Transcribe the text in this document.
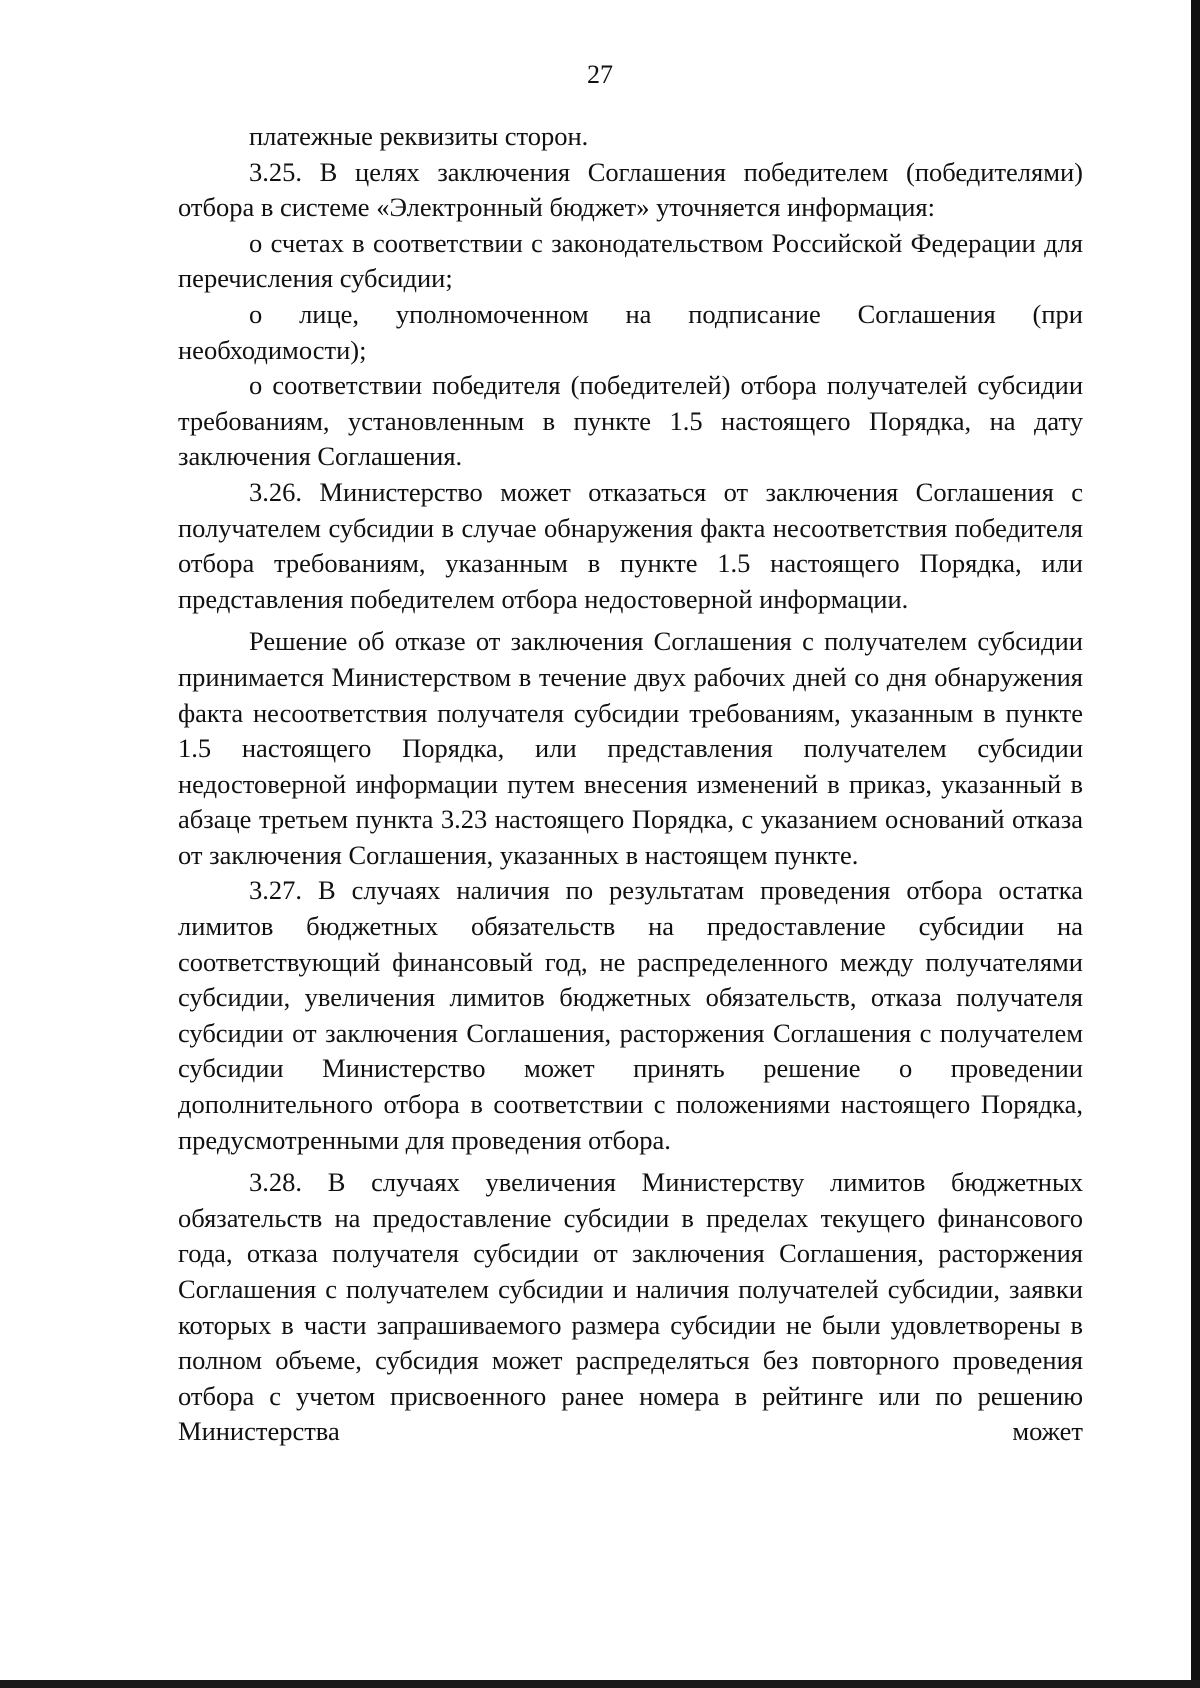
27

платежные реквизиты сторон.

3.25. В целях заключения Соглашения победителем (победителями) отбора в системе «Электронный бюджет» уточняется информация:

о счетах в соответствии с законодательством Российской Федерации для перечисления субсидии;

о лице, уполномоченном на подписание Соглашения (при необходимости);

о соответствии победителя (победителей) отбора получателей субсидии требованиям, установленным в пункте 1.5 настоящего Порядка, на дату заключения Соглашения.

3.26. Министерство может отказаться от заключения Соглашения с получателем субсидии в случае обнаружения факта несоответствия победителя отбора требованиям, указанным в пункте 1.5 настоящего Порядка, или представления победителем отбора недостоверной информации.

Решение об отказе от заключения Соглашения с получателем субсидии принимается Министерством в течение двух рабочих дней со дня обнаружения факта несоответствия получателя субсидии требованиям, указанным в пункте 1.5 настоящего Порядка, или представления получателем субсидии недостоверной информации путем внесения изменений в приказ, указанный в абзаце третьем пункта 3.23 настоящего Порядка, с указанием оснований отказа от заключения Соглашения, указанных в настоящем пункте.

3.27. В случаях наличия по результатам проведения отбора остатка лимитов бюджетных обязательств на предоставление субсидии на соответствующий финансовый год, не распределенного между получателями субсидии, увеличения лимитов бюджетных обязательств, отказа получателя субсидии от заключения Соглашения, расторжения Соглашения с получателем субсидии Министерство может принять решение о проведении дополнительного отбора в соответствии с положениями настоящего Порядка, предусмотренными для проведения отбора.

3.28. В случаях увеличения Министерству лимитов бюджетных обязательств на предоставление субсидии в пределах текущего финансового года, отказа получателя субсидии от заключения Соглашения, расторжения Соглашения с получателем субсидии и наличия получателей субсидии, заявки которых в части запрашиваемого размера субсидии не были удовлетворены в полном объеме, субсидия может распределяться без повторного проведения отбора с учетом присвоенного ранее номера в рейтинге или по решению Министерства может
